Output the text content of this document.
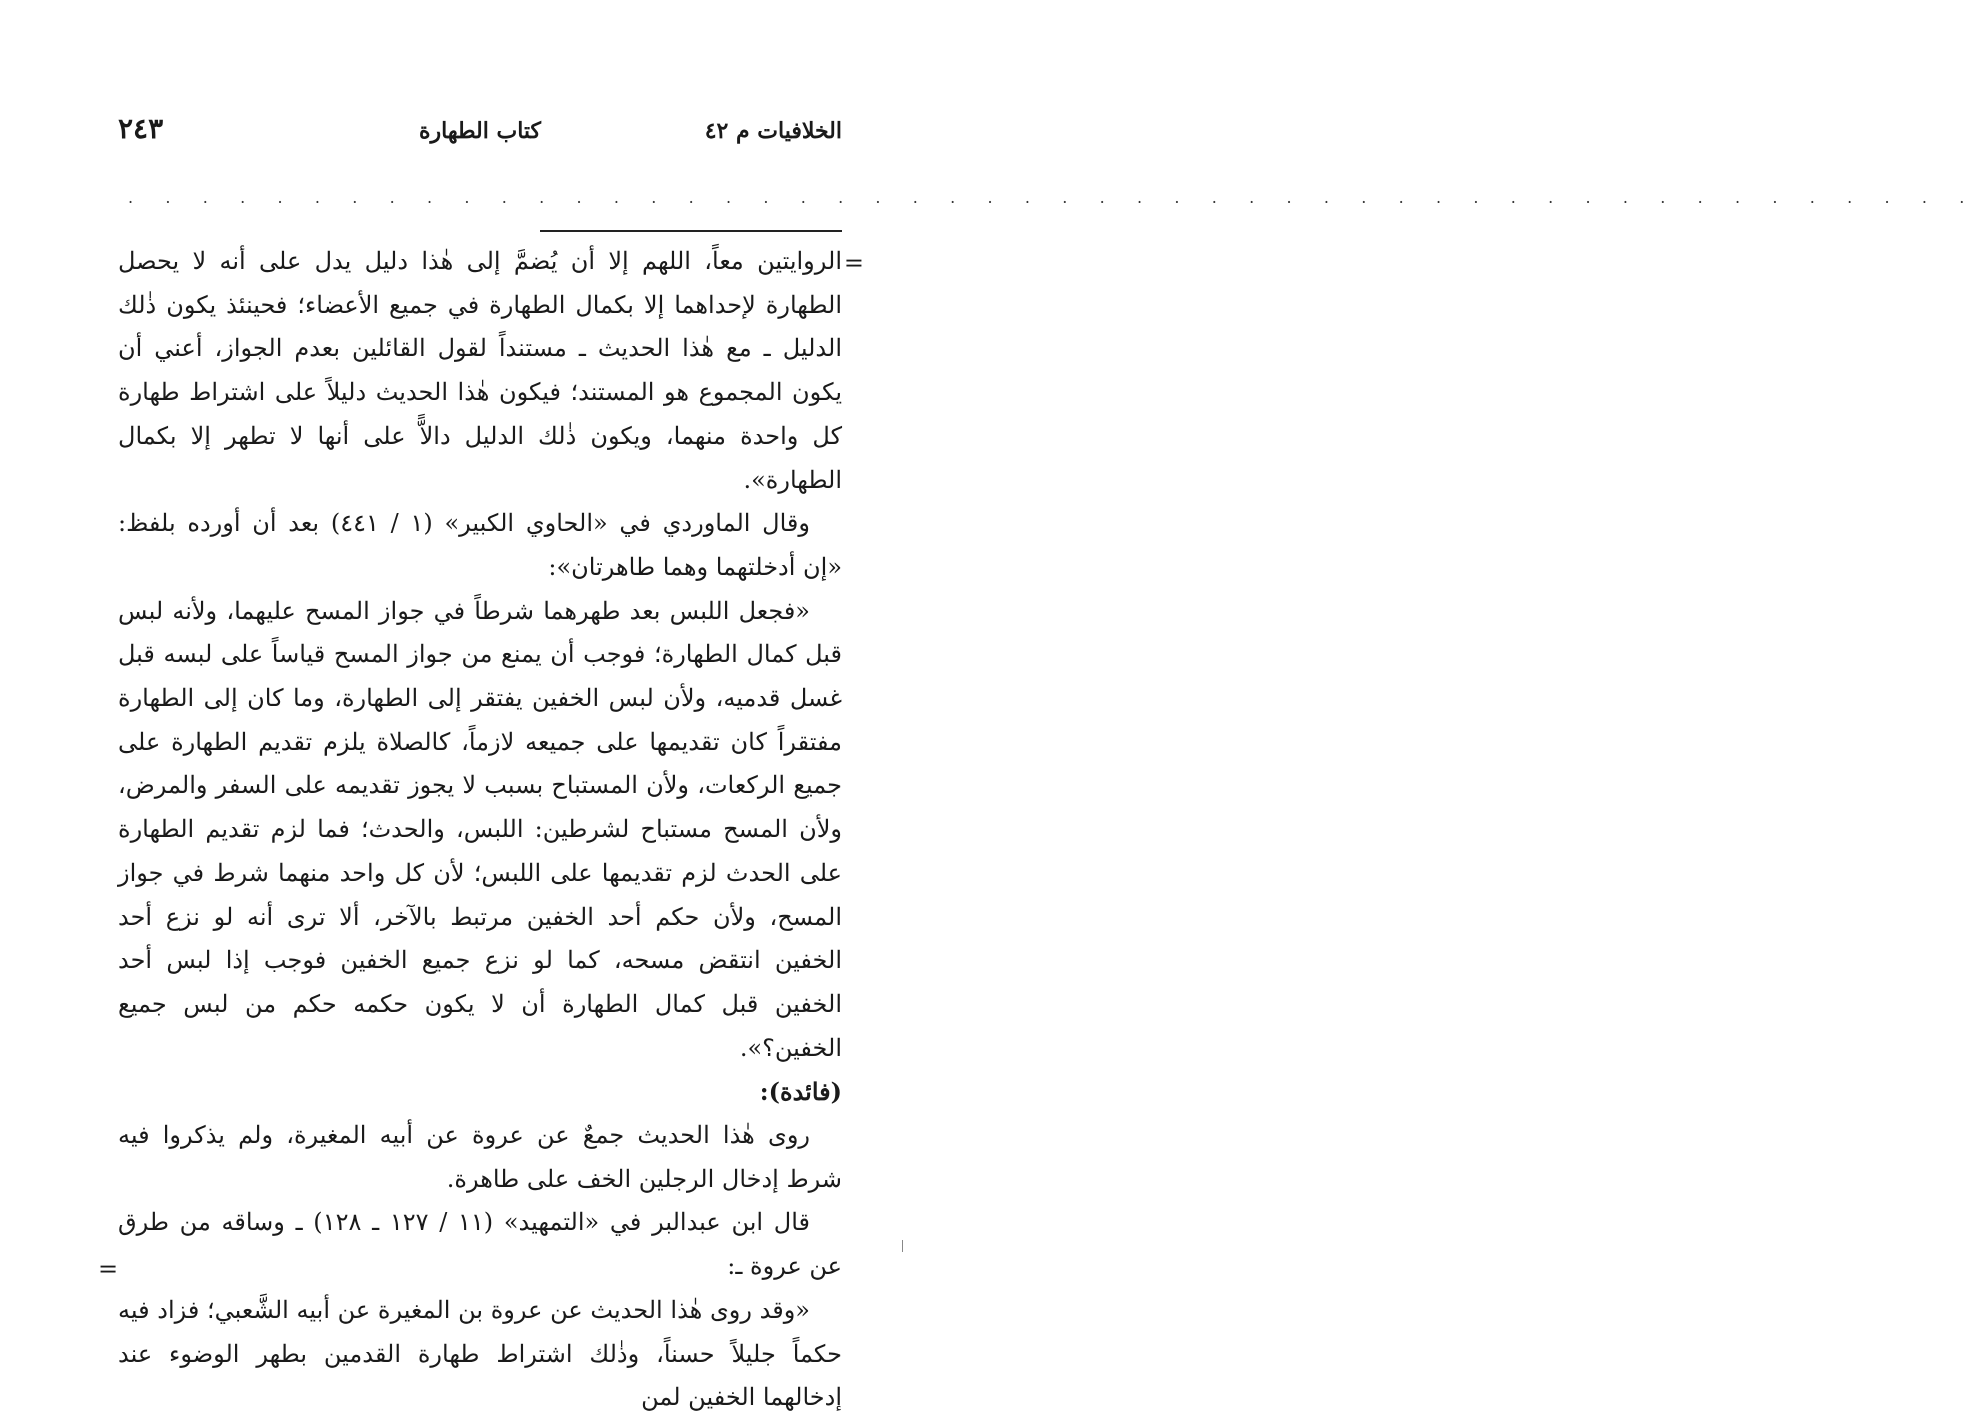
الخلافيات م ٤٢
كتاب الطهارة
٢٤٣
. . . . . . . . . . . . . . . . . . . . . . . . . . . . . . . . . . . . . . . . . . . . . . . . . .
=

الروايتين معاً، اللهم إلا أن يُضمَّ إلى هٰذا دليل يدل على أنه لا يحصل الطهارة لإحداهما إلا بكمال الطهارة في جميع الأعضاء؛ فحينئذ يكون ذٰلك الدليل ـ مع هٰذا الحديث ـ مستنداً لقول القائلين بعدم الجواز، أعني أن يكون المجموع هو المستند؛ فيكون هٰذا الحديث دليلاً على اشتراط طهارة كل واحدة منهما، ويكون ذٰلك الدليل دالاًّ على أنها لا تطهر إلا بكمال الطهارة».

وقال الماوردي في «الحاوي الكبير» (١ / ٤٤١) بعد أن أورده بلفظ: «إن أدخلتهما وهما طاهرتان»:

«فجعل اللبس بعد طهرهما شرطاً في جواز المسح عليهما، ولأنه لبس قبل كمال الطهارة؛ فوجب أن يمنع من جواز المسح قياساً على لبسه قبل غسل قدميه، ولأن لبس الخفين يفتقر إلى الطهارة، وما كان إلى الطهارة مفتقراً كان تقديمها على جميعه لازماً، كالصلاة يلزم تقديم الطهارة على جميع الركعات، ولأن المستباح بسبب لا يجوز تقديمه على السفر والمرض، ولأن المسح مستباح لشرطين: اللبس، والحدث؛ فما لزم تقديم الطهارة على الحدث لزم تقديمها على اللبس؛ لأن كل واحد منهما شرط في جواز المسح، ولأن حكم أحد الخفين مرتبط بالآخر، ألا ترى أنه لو نزع أحد الخفين انتقض مسحه، كما لو نزع جميع الخفين فوجب إذا لبس أحد الخفين قبل كمال الطهارة أن لا يكون حكمه حكم من لبس جميع الخفين؟».

(فائدة):

روى هٰذا الحديث جمعٌ عن عروة عن أبيه المغيرة، ولم يذكروا فيه شرط إدخال الرجلين الخف على طاهرة.

قال ابن عبدالبر في «التمهيد» (١١ / ١٢٧ ـ ١٢٨) ـ وساقه من طرق عن عروة ـ:

«وقد روى هٰذا الحديث عن عروة بن المغيرة عن أبيه الشَّعبي؛ فزاد فيه حكماً جليلاً حسناً، وذٰلك اشتراط طهارة القدمين بطهر الوضوء عند إدخالهما الخفين لمن

=
